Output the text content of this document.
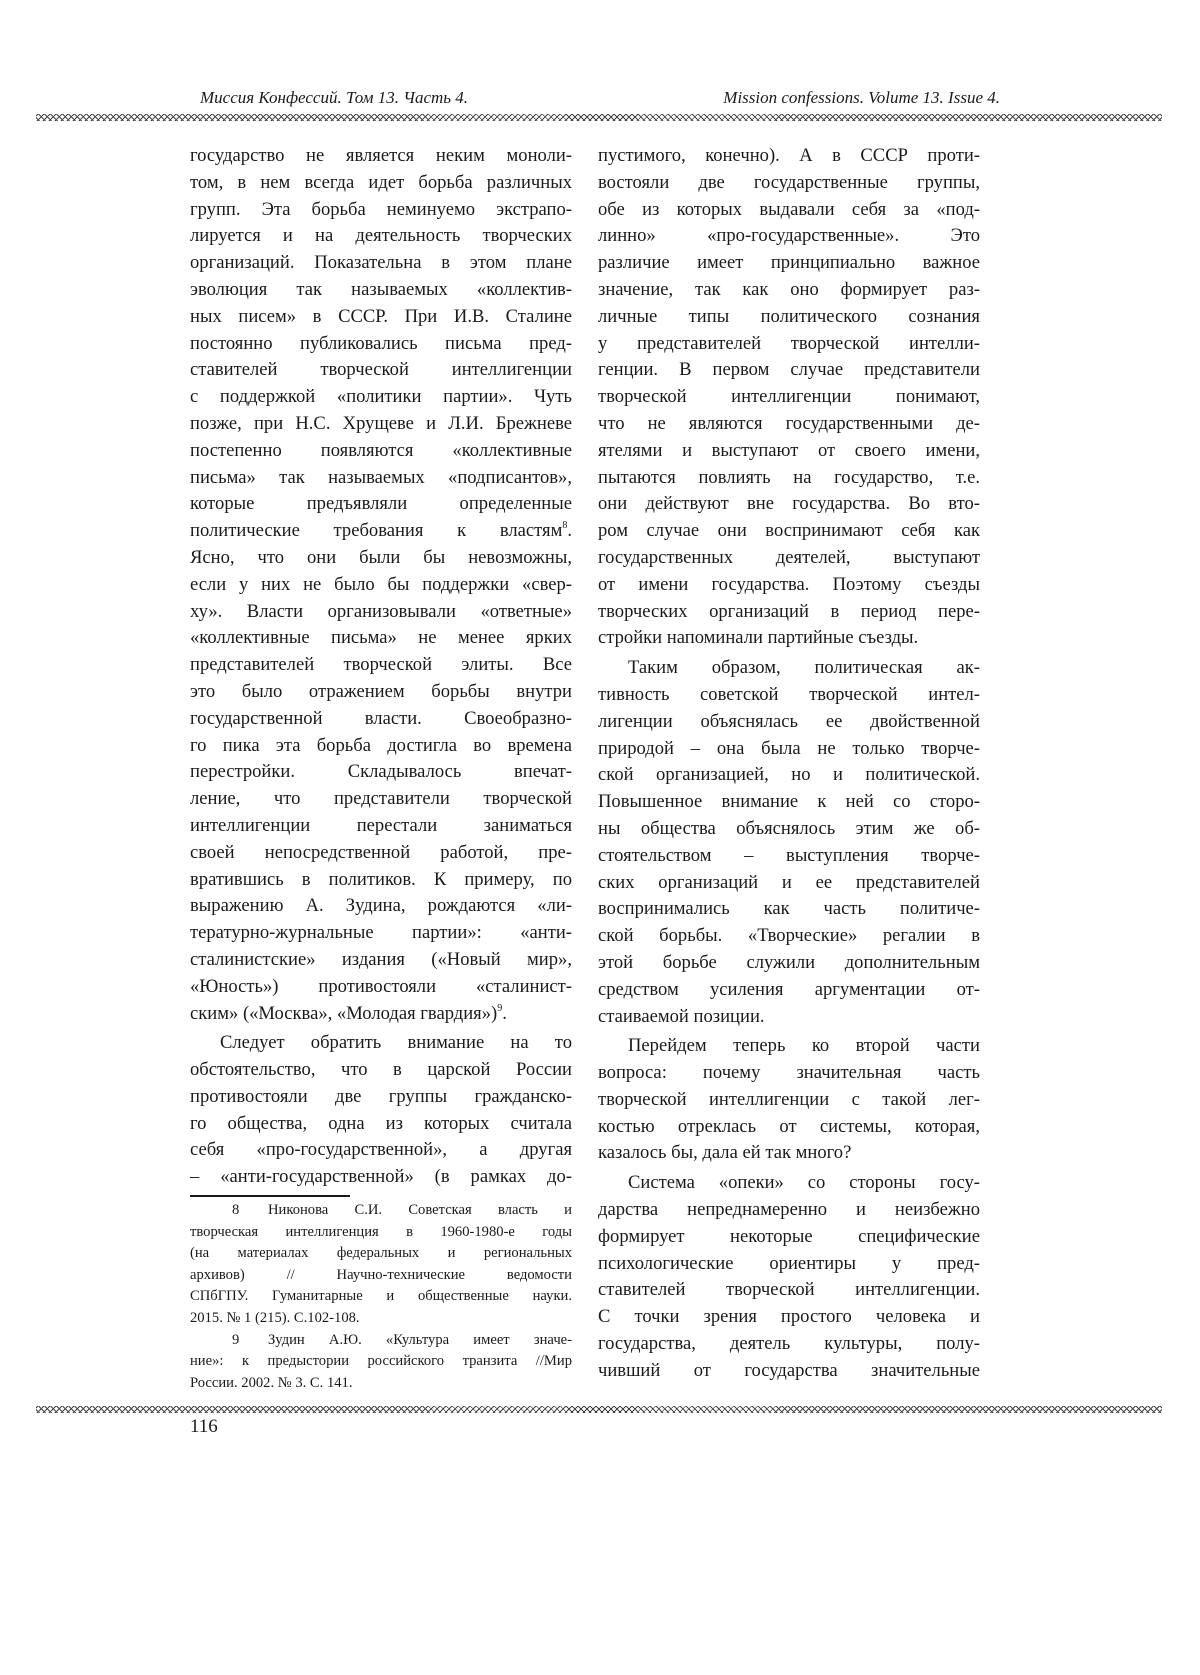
Миссия Конфессий. Том 13. Часть 4.	Mission confessions. Volume 13. Issue 4.
государство не является неким моноли-
том, в нем всегда идет борьба различных
групп. Эта борьба неминуемо экстрапо-
лируется и на деятельность творческих
организаций. Показательна в этом плане
эволюция так называемых «коллектив-
ных писем» в СССР. При И.В. Сталине
постоянно публиковались письма пред-
ставителей творческой интеллигенции
с поддержкой «политики партии». Чуть
позже, при Н.С. Хрущеве и Л.И. Брежневе
постепенно появляются «коллективные
письма» так называемых «подписантов»,
которые предъявляли определенные
политические требования к властям8.
Ясно, что они были бы невозможны,
если у них не было бы поддержки «свер-
ху». Власти организовывали «ответные»
«коллективные письма» не менее ярких
представителей творческой элиты. Все
это было отражением борьбы внутри
государственной власти. Своеобразно-
го пика эта борьба достигла во времена
перестройки. Складывалось впечат-
ление, что представители творческой
интеллигенции перестали заниматься
своей непосредственной работой, пре-
вратившись в политиков. К примеру, по
выражению А. Зудина, рождаются «ли-
тературно-журнальные партии»: «анти-
сталинистские» издания («Новый мир»,
«Юность») противостояли «сталинист-
ским» («Москва», «Молодая гвардия»)9.
Следует обратить внимание на то
обстоятельство, что в царской России
противостояли две группы гражданско-
го общества, одна из которых считала
себя «про-государственной», а другая
– «анти-государственной» (в рамках до-
пустимого, конечно). А в СССР проти-
востояли две государственные группы,
обе из которых выдавали себя за «под-
линно» «про-государственные». Это
различие имеет принципиально важное
значение, так как оно формирует раз-
личные типы политического сознания
у представителей творческой интелли-
генции. В первом случае представители
творческой интеллигенции понимают,
что не являются государственными де-
ятелями и выступают от своего имени,
пытаются повлиять на государство, т.е.
они действуют вне государства. Во вто-
ром случае они воспринимают себя как
государственных деятелей, выступают
от имени государства. Поэтому съезды
творческих организаций в период пере-
стройки напоминали партийные съезды.
Таким образом, политическая ак-
тивность советской творческой интел-
лигенции объяснялась ее двойственной
природой – она была не только творче-
ской организацией, но и политической.
Повышенное внимание к ней со сторо-
ны общества объяснялось этим же об-
стоятельством – выступления творче-
ских организаций и ее представителей
воспринимались как часть политиче-
ской борьбы. «Творческие» регалии в
этой борьбе служили дополнительным
средством усиления аргументации от-
стаиваемой позиции.
Перейдем теперь ко второй части
вопроса: почему значительная часть
творческой интеллигенции с такой лег-
костью отреклась от системы, которая,
казалось бы, дала ей так много?
Система «опеки» со стороны госу-
дарства непреднамеренно и неизбежно
формирует некоторые специфические
психологические ориентиры у пред-
ставителей творческой интеллигенции.
С точки зрения простого человека и
государства, деятель культуры, полу-
чивший от государства значительные
8 Никонова С.И. Советская власть и
творческая интеллигенция в 1960-1980-е годы
(на материалах федеральных и региональных
архивов) // Научно-технические ведомости
СПбГПУ. Гуманитарные и общественные науки.
2015. № 1 (215). С.102-108.
9 Зудин А.Ю. «Культура имеет значе-
ние»: к предыстории российского транзита //Мир
России. 2002. № 3. С. 141.
116
